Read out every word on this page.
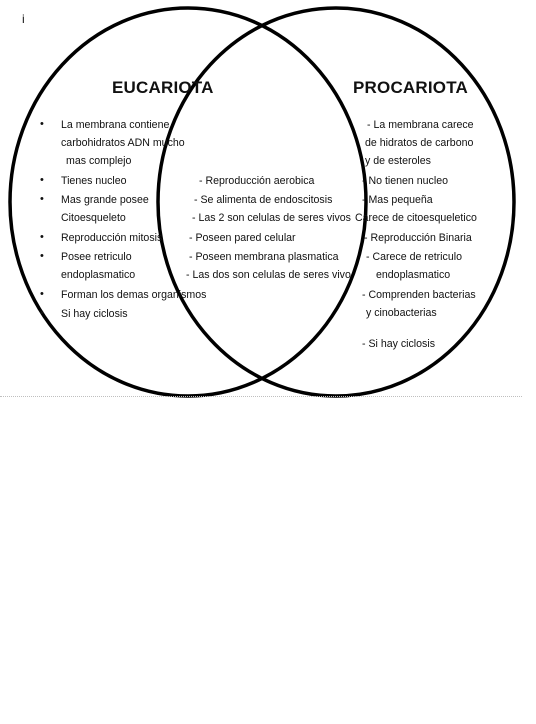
i
EUCARIOTA	PROCARIOTA
• La membrana contiene
carbohidratos ADN mucho
mas complejo
• Tienes nucleo
• Mas grande posee
Citoesqueleto
• Reproducción mitosis
• Posee retriculo
endoplasmatico
• Forman los demas organismos
• Si hay ciclosis
- Reproducción aerobica
- Se alimenta de endoscitosis
- Las 2 son celulas de seres vivos
- Poseen pared celular
- Poseen membrana plasmatica
- Las dos son celulas de seres vivo
- La membrana carece
de hidratos de carbono
y de esteroles
- No tienen nucleo
- Mas pequeña
Carece de citoesqueletico
- Reproducción Binaria
- Carece de retriculo
endoplasmatico
- Comprenden bacterias
y cinobacterias
- Si hay ciclosis
